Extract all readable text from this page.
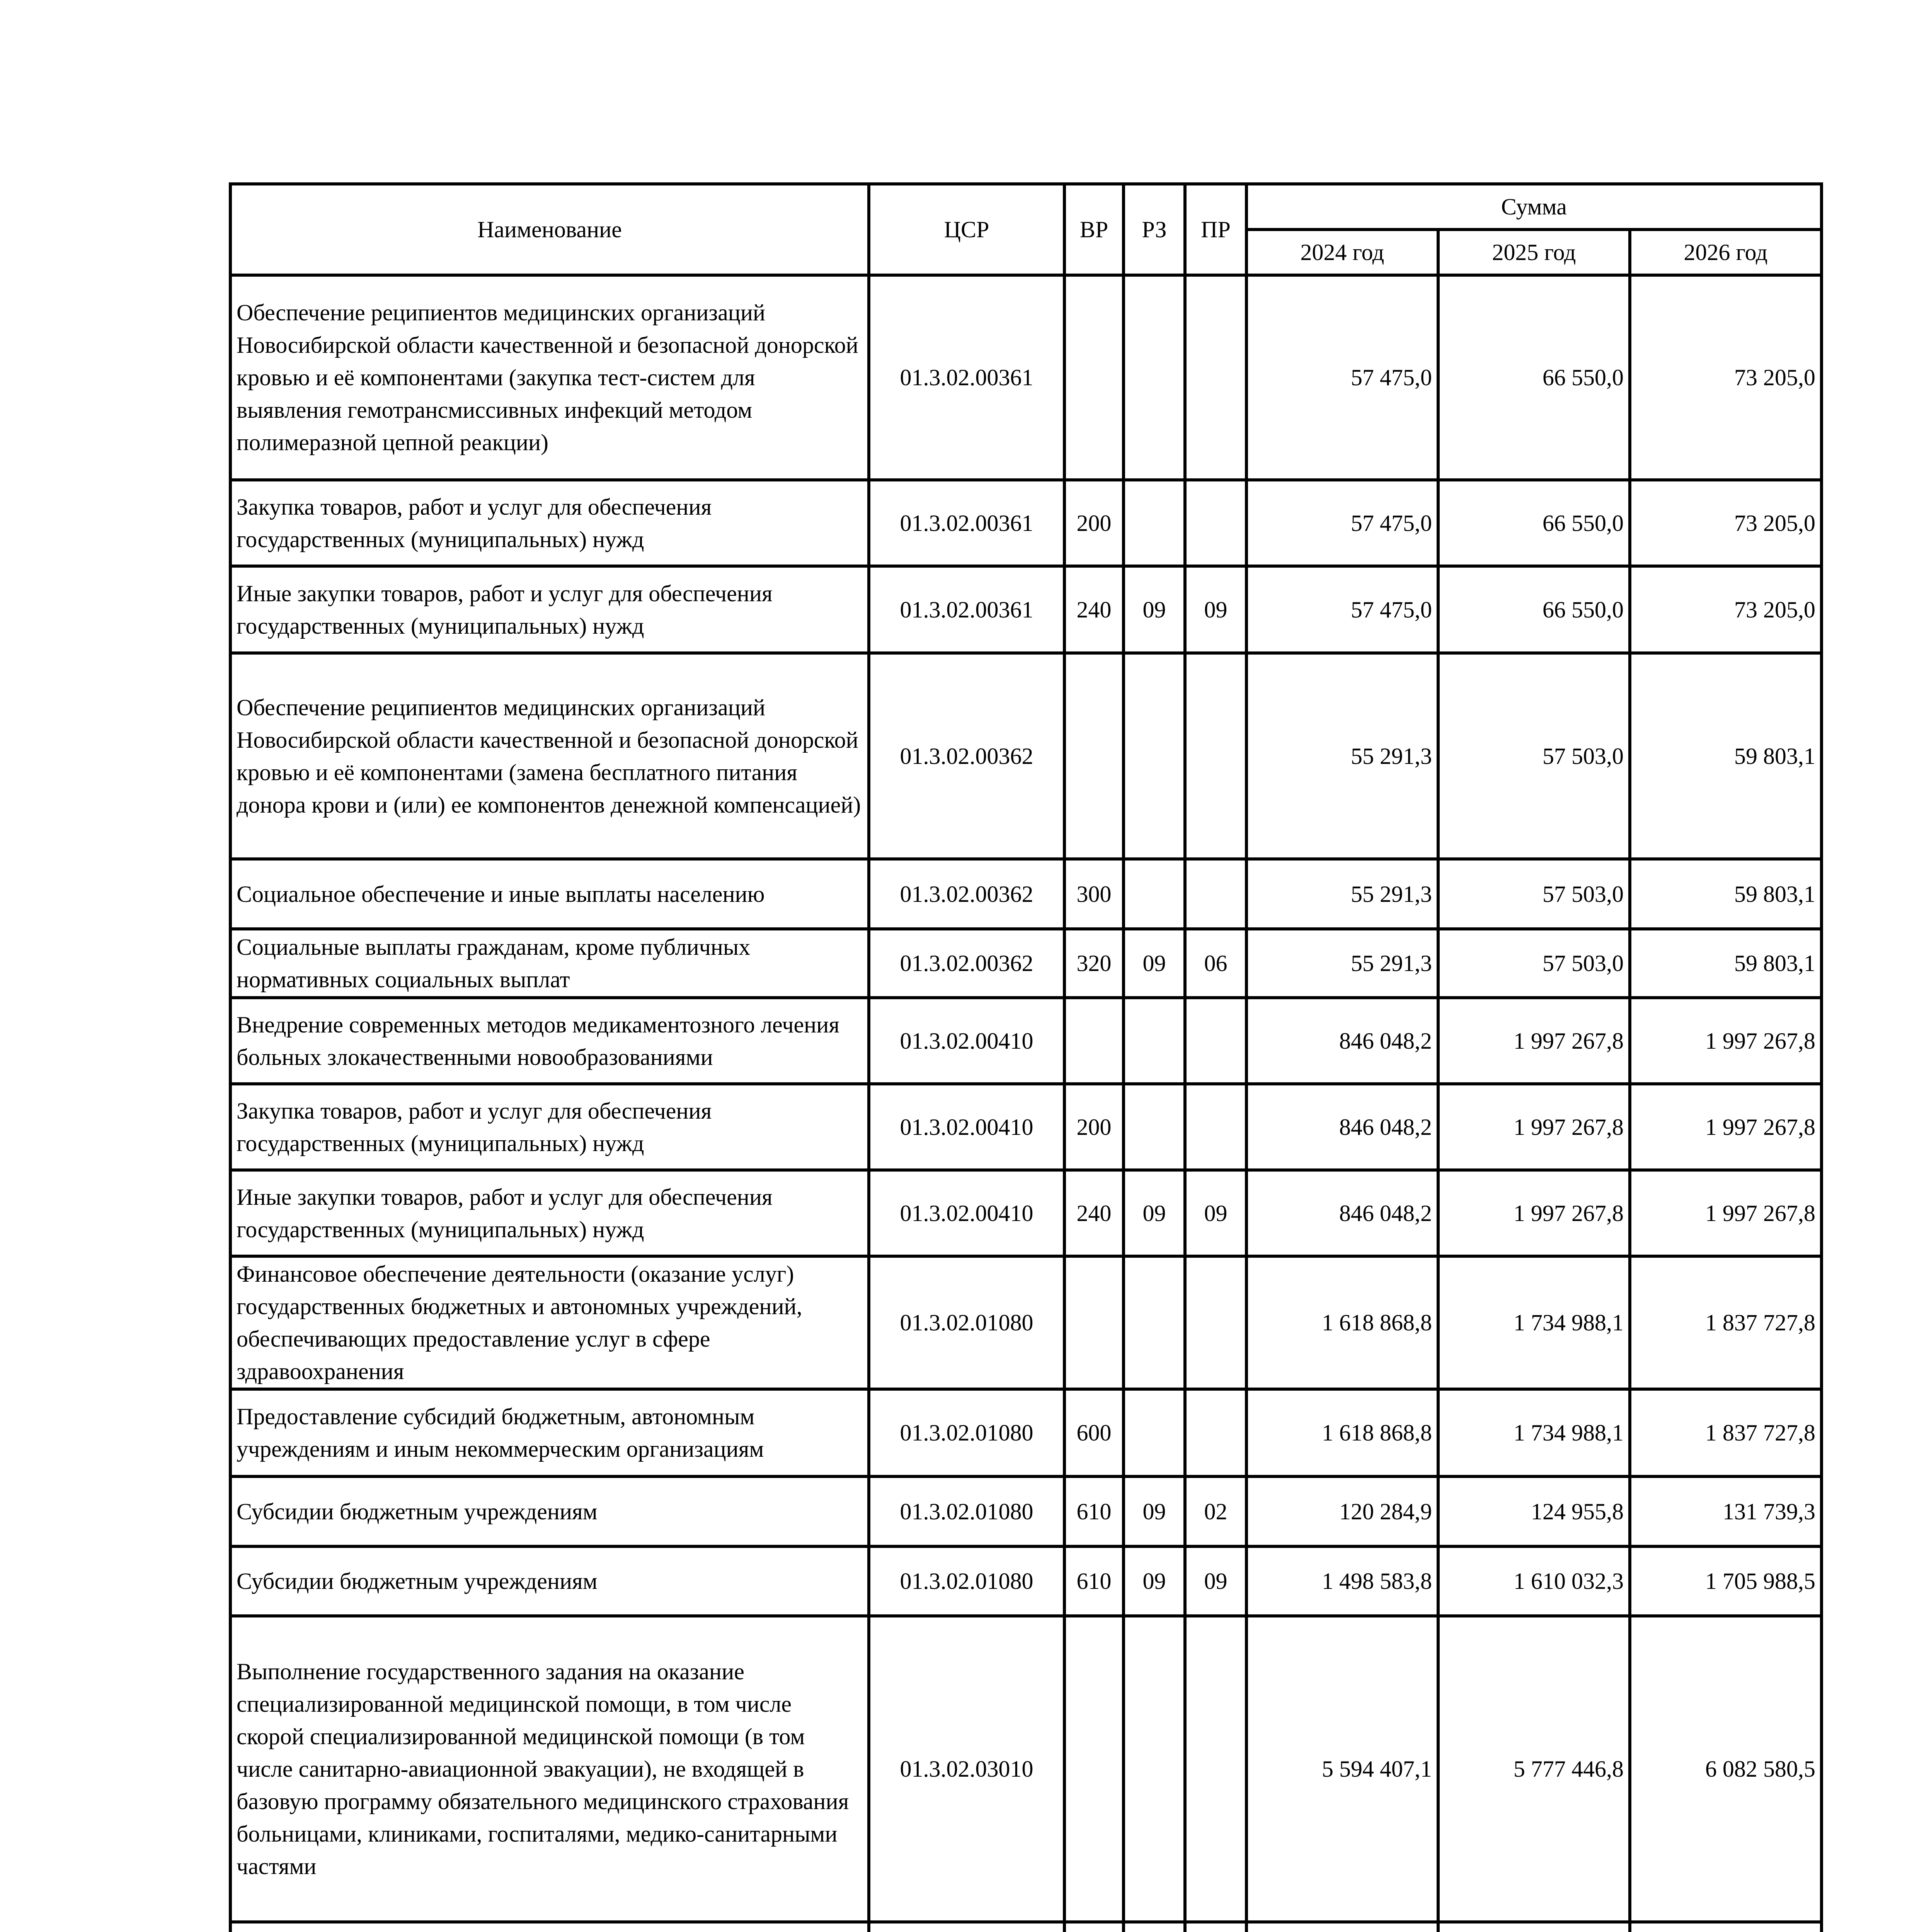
Наименование	ЦСР	ВР	РЗ	ПР	Сумма		
					2024 год	2025 год	2026 год
Обеспечение реципиентов медицинских организаций Новосибирской области качественной и безопасной донорской кровью и её компонентами (закупка тест-систем для выявления гемотрансмиссивных инфекций методом полимеразной цепной реакции)	01.3.02.00361				57 475,0	66 550,0	73 205,0
Закупка товаров, работ и услуг для обеспечения государственных (муниципальных) нужд	01.3.02.00361	200			57 475,0	66 550,0	73 205,0
Иные закупки товаров, работ и услуг для обеспечения государственных (муниципальных) нужд	01.3.02.00361	240	09	09	57 475,0	66 550,0	73 205,0
Обеспечение реципиентов медицинских организаций Новосибирской области качественной и безопасной донорской кровью и её компонентами (замена бесплатного питания донора крови и (или) ее компонентов денежной компенсацией)	01.3.02.00362				55 291,3	57 503,0	59 803,1
Социальное обеспечение и иные выплаты населению	01.3.02.00362	300			55 291,3	57 503,0	59 803,1
Социальные выплаты гражданам, кроме публичных нормативных социальных выплат	01.3.02.00362	320	09	06	55 291,3	57 503,0	59 803,1
Внедрение современных методов медикаментозного лечения больных злокачественными новообразованиями	01.3.02.00410				846 048,2	1 997 267,8	1 997 267,8
Закупка товаров, работ и услуг для обеспечения государственных (муниципальных) нужд	01.3.02.00410	200			846 048,2	1 997 267,8	1 997 267,8
Иные закупки товаров, работ и услуг для обеспечения государственных (муниципальных) нужд	01.3.02.00410	240	09	09	846 048,2	1 997 267,8	1 997 267,8
Финансовое обеспечение деятельности (оказание услуг) государственных бюджетных и автономных учреждений, обеспечивающих предоставление услуг в сфере здравоохранения	01.3.02.01080				1 618 868,8	1 734 988,1	1 837 727,8
Предоставление субсидий бюджетным, автономным учреждениям и иным некоммерческим организациям	01.3.02.01080	600			1 618 868,8	1 734 988,1	1 837 727,8
Субсидии бюджетным учреждениям	01.3.02.01080	610	09	02	120 284,9	124 955,8	131 739,3
Субсидии бюджетным учреждениям	01.3.02.01080	610	09	09	1 498 583,8	1 610 032,3	1 705 988,5
Выполнение государственного задания на оказание специализированной медицинской помощи, в том числе скорой специализированной медицинской помощи (в том числе санитарно-авиационной эвакуации), не входящей в базовую программу обязательного медицинского страхования больницами, клиниками, госпиталями, медико-санитарными частями	01.3.02.03010				5 594 407,1	5 777 446,8	6 082 580,5
